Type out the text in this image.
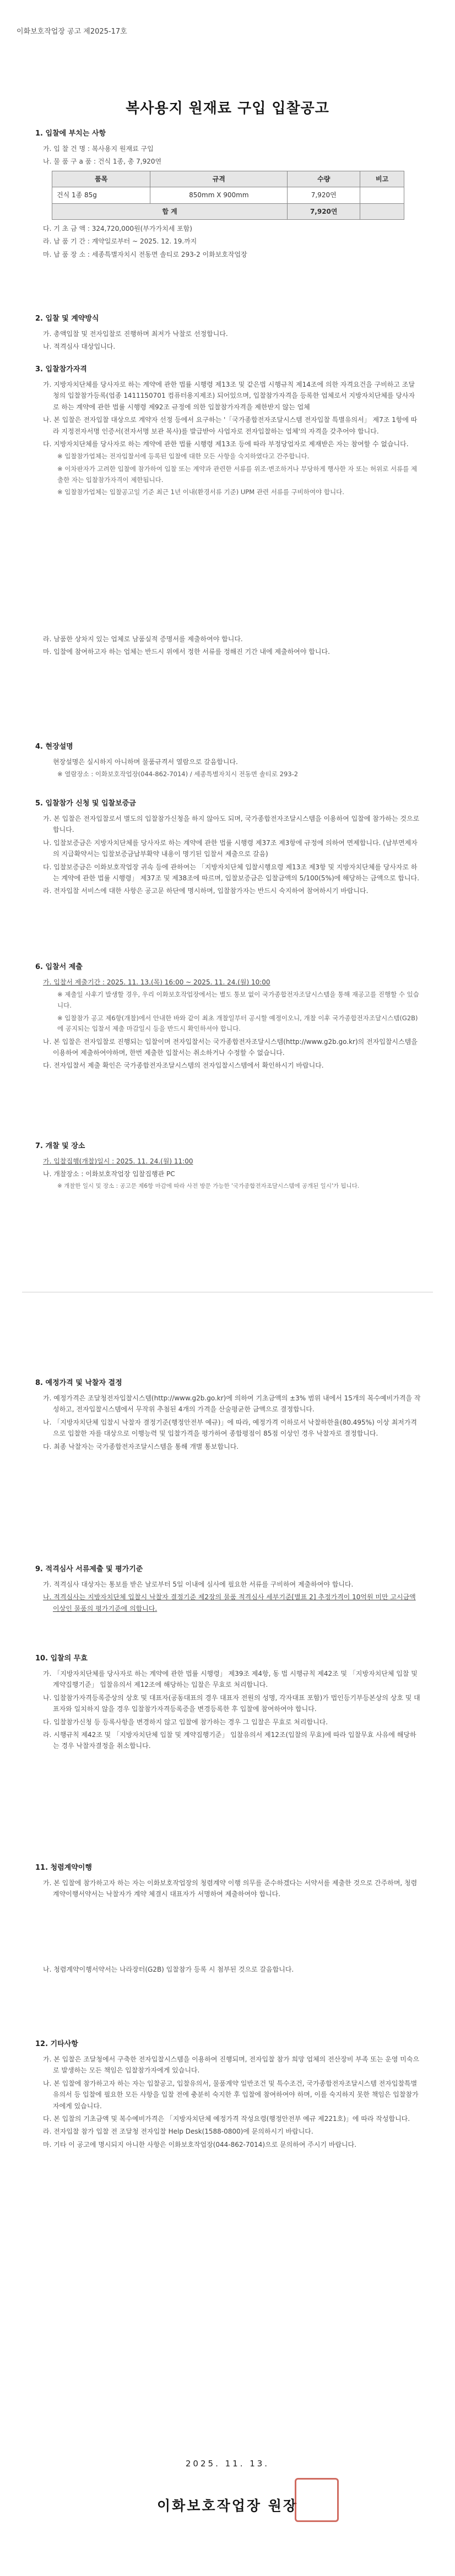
이화보호작업장 공고 제2025-17호
복사용지 원재료 구입 입찰공고
1. 입찰에 부치는 사항
가. 입 찰 건 명 : 복사용지 원재료 구입
나. 물 품 구 a 품 : 건식 1종, 총 7,920연
품목	규격	수량	비고
건식 1종 85g	850mm X 900mm	7,920연	
합 계		7,920연	
다. 기 초 금 액 : 324,720,000원(부가가치세 포함)
라. 납 품 기 간 : 계약일로부터 ~ 2025. 12. 19.까지
마. 납 품 장 소 : 세종특별자치시 전동면 솔티로 293-2 이화보호작업장
2. 입찰 및 계약방식
가. 총액입찰 및 전자입찰로 진행하며 최저가 낙찰로 선정합니다.
나. 적격심사 대상입니다.
3. 입찰참가자격
가. 지방자치단체를 당사자로 하는 계약에 관한 법률 시행령 제13조 및 같은법 시행규칙 제14조에 의한 자격요건을 구비하고 조달청의 입찰참가등록(업종 1411150701 컴퓨터용지제조) 되어있으며, 입찰참가자격을 등록한 업체로서 지방자치단체를 당사자로 하는 계약에 관한 법률 시행령 제92조 규정에 의한 입찰참가자격을 제한받지 않는 업체
나. 본 입찰은 전자입찰 대상으로 계약자 선정 등에서 요구하는 '「국가종합전자조달시스템 전자입찰 특별유의서」 제7조 1항에 따라 지정전자서명 인증서(전자서명 보관 복사)를 발급받아 사업자로 전자입찰하는 업체'의 자격을 갖추어야 합니다.
다. 지방자치단체를 당사자로 하는 계약에 관한 법률 시행령 제13조 등에 따라 부정당업자로 제재받은 자는 참여할 수 없습니다.
※ 입찰참가업체는 전자입찰서에 등록된 입찰에 대한 모든 사항을 숙지하였다고 간주합니다.
※ 이차판자가 고려한 입찰에 참가하여 입찰 또는 계약과 관련한 서류를 위조·변조하거나 부당하게 행사한 자 또는 허위로 서류를 제출한 자는 입찰참가자격이 제한됩니다.
※ 입찰참가업체는 입찰공고일 기준 최근 1년 이내(환경서류 기준) UPM 관련 서류를 구비하여야 합니다.
라. 남품한 상차지 있는 업체로 남품실적 증명서를 제출하여야 합니다.
마. 입찰에 참여하고자 하는 업체는 반드시 위에서 정한 서류를 정해진 기간 내에 제출하여야 합니다.
4. 현장설명
현장설명은 실시하지 아니하며 물품규격서 열람으로 갈음합니다.
※ 열람장소 : 이화보호작업장(044-862-7014) / 세종특별자치시 전동면 솔티로 293-2
5. 입찰참가 신청 및 입찰보증금
가. 본 입찰은 전자입찰로서 별도의 입찰참가신청을 하지 않아도 되며, 국가종합전자조달시스템을 이용하여 입찰에 참가하는 것으로 합니다.
나. 입찰보증금은 지방자치단체를 당사자로 하는 계약에 관한 법률 시행령 제37조 제3항에 규정에 의하여 면제합니다. (납부면제자의 지급확약서는 입찰보증금납부확약 내용이 명기된 입찰서 제출으로 갈음)
다. 입찰보증금은 이화보호작업장 귀속 등에 관하여는 「지방자치단체 입찰시행요령 제13조 제3항 및 지방자치단체를 당사자로 하는 계약에 관한 법률 시행령」 제37조 및 제38조에 따르며, 입찰보증금은 입찰금액의 5/100(5%)에 해당하는 금액으로 합니다.
라. 전자입찰 서비스에 대한 사항은 공고문 하단에 명시하며, 입찰참가자는 반드시 숙지하여 참여하시기 바랍니다.
6. 입찰서 제출
가. 입찰서 제출기간 : 2025. 11. 13.(목) 16:00 ~ 2025. 11. 24.(월) 10:00
※ 제출일 사후기 발생할 경우, 우리 이화보호작업장에서는 별도 통보 없이 국가종합전자조달시스템을 통해 재공고를 진행할 수 있습니다.
※ 입찰참가 공고 제6항(개찰)에서 안내한 바와 같이 최초 개찰일부터 공시할 예정이오니, 개찰 이후 국가종합전자조달시스템(G2B)에 공지되는 입찰서 제출 마감일시 등을 반드시 확인하셔야 합니다.
나. 본 입찰은 전자입찰로 진행되는 입찰이며 전자입찰서는 국가종합전자조달시스템(http://www.g2b.go.kr)의 전자입찰시스템을 이용하여 제출하여야하며, 한번 제출한 입찰서는 취소하거나 수정할 수 없습니다.
다. 전자입찰서 제출 확인은 국가종합전자조달시스템의 전자입찰시스템에서 확인하시기 바랍니다.
7. 개찰 및 장소
가. 입찰집행(개찰)일시 : 2025. 11. 24.(월) 11:00
나. 개찰장소 : 이화보호작업장 입찰집행관 PC
※ 개찰한 일시 및 장소 : 공고문 제6항 마감에 따라 사전 방문 가능한 '국가종합전자조달시스템에 공개된 일시'가 됩니다.
8. 예정가격 및 낙찰자 결정
가. 예정가격은 조달청전자입찰시스템(http://www.g2b.go.kr)에 의하여 기초금액의 ±3% 범위 내에서 15개의 복수예비가격을 작성하고, 전자입찰시스템에서 무작위 추첨된 4개의 가격을 산술평균한 금액으로 결정합니다.
나. 「지방자치단체 입찰시 낙찰자 결정기준(행정안전부 예규)」에 따라, 예정가격 이하로서 낙찰하한율(80.495%) 이상 최저가격으로 입찰한 자를 대상으로 이행능력 및 입찰가격을 평가하여 종합평점이 85점 이상인 경우 낙찰자로 결정합니다.
다. 최종 낙찰자는 국가종합전자조달시스템을 통해 개별 통보합니다.
9. 적격심사 서류제출 및 평가기준
가. 적격심사 대상자는 통보를 받은 날로부터 5일 이내에 심사에 필요한 서류를 구비하여 제출하여야 합니다.
나. 적격심사는 지방자치단체 입찰시 낙찰자 결정기준 제2장의 물품 적격심사 세부기준[별표 2] 추정가격이 10억원 미만 고시금액 이상인 물품의 평가기준에 의합니다.
10. 입찰의 무효
가. 「지방자치단체를 당사자로 하는 계약에 관한 법률 시행령」 제39조 제4항, 동 법 시행규칙 제42조 및 「지방자치단체 입찰 및 계약집행기준」 입찰유의서 제12조에 해당하는 입찰은 무효로 처리합니다.
나. 입찰참가자격등록증상의 상호 및 대표자(공동대표의 경우 대표자 전원의 성명, 각자대표 포함)가 법인등기부등본상의 상호 및 대표자와 일치하지 않을 경우 입찰참가자격등록증을 변경등록한 후 입찰에 참여하여야 합니다.
다. 입찰참가신청 등 등록사항을 변경하지 않고 입찰에 참가하는 경우 그 입찰은 무효로 처리합니다.
라. 시행규칙 제42조 및 「지방자치단체 입찰 및 계약집행기준」 입찰유의서 제12조(입찰의 무효)에 따라 입찰무효 사유에 해당하는 경우 낙찰자결정을 취소합니다.
11. 청렴계약이행
가. 본 입찰에 참가하고자 하는 자는 이화보호작업장의 청렴계약 이행 의무를 준수하겠다는 서약서를 제출한 것으로 간주하며, 청렴계약이행서약서는 낙찰자가 계약 체결시 대표자가 서명하여 제출하여야 합니다.
나. 청렴계약이행서약서는 나라장터(G2B) 입찰참가 등록 시 첨부된 것으로 갈음합니다.
12. 기타사항
가. 본 입찰은 조달청에서 구축한 전자입찰시스템을 이용하여 진행되며, 전자입찰 참가 희망 업체의 전산장비 부족 또는 운영 미숙으로 발생하는 모든 책임은 입찰참가자에게 있습니다.
나. 본 입찰에 참가하고자 하는 자는 입찰공고, 입찰유의서, 물품계약 일반조건 및 특수조건, 국가종합전자조달시스템 전자입찰특별유의서 등 입찰에 필요한 모든 사항을 입찰 전에 충분히 숙지한 후 입찰에 참여하여야 하며, 이를 숙지하지 못한 책임은 입찰참가자에게 있습니다.
다. 본 입찰의 기초금액 및 복수예비가격은 「지방자치단체 예정가격 작성요령(행정안전부 예규 제221호)」에 따라 작성합니다.
라. 전자입찰 참가 입찰 전 조달청 전자입찰 Help Desk(1588-0800)에 문의하시기 바랍니다.
마. 기타 이 공고에 명시되지 아니한 사항은 이화보호작업장(044-862-7014)으로 문의하여 주시기 바랍니다.
2025. 11. 13.
이화보호작업장 원장
